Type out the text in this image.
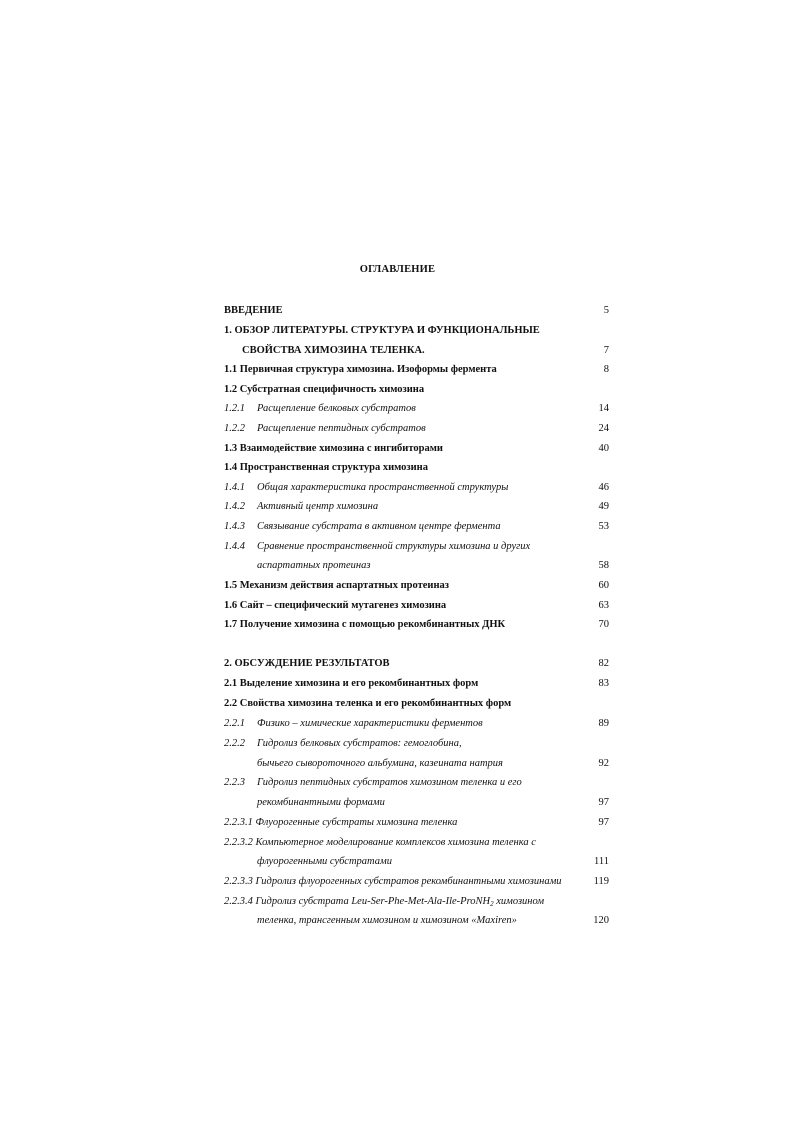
ОГЛАВЛЕНИЕ
ВВЕДЕНИЕ	5
1. ОБЗОР ЛИТЕРАТУРЫ. СТРУКТУРА И ФУНКЦИОНАЛЬНЫЕ
СВОЙСТВА ХИМОЗИНА ТЕЛЕНКА.	7
1.1 Первичная структура химозина. Изоформы фермента	8
1.2 Субстратная специфичность химозина
1.2.1 Расщепление белковых субстратов	14
1.2.2 Расщепление пептидных субстратов	24
1.3 Взаимодействие химозина с ингибиторами	40
1.4 Пространственная структура химозина
1.4.1 Общая характеристика пространственной структуры	46
1.4.2 Активный центр химозина	49
1.4.3 Связывание субстрата в активном центре фермента	53
1.4.4 Сравнение пространственной структуры химозина и других
аспартатных протеиназ	58
1.5 Механизм действия аспартатных протеиназ	60
1.6 Сайт – специфический мутагенез химозина	63
1.7 Получение химозина с помощью рекомбинантных ДНК	70
2. ОБСУЖДЕНИЕ РЕЗУЛЬТАТОВ	82
2.1 Выделение химозина и его рекомбинантных форм	83
2.2 Свойства химозина теленка и его рекомбинантных форм
2.2.1 Физико – химические характеристики ферментов	89
2.2.2 Гидролиз белковых субстратов: гемоглобина,
бычьего сывороточного альбумина, казеината натрия	92
2.2.3 Гидролиз пептидных субстратов химозином теленка и его
рекомбинантными формами	97
2.2.3.1 Флуорогенные субстраты химозина теленка	97
2.2.3.2 Компьютерное моделирование комплексов химозина теленка с
флуорогенными субстратами	111
2.2.3.3 Гидролиз флуорогенных субстратов рекомбинантными химозинами	119
2.2.3.4 Гидролиз субстрата Leu-Ser-Phe-Met-Ala-Ile-ProNH$_2$ химозином
теленка, трансгенным химозином и химозином «Maxiren»	120
